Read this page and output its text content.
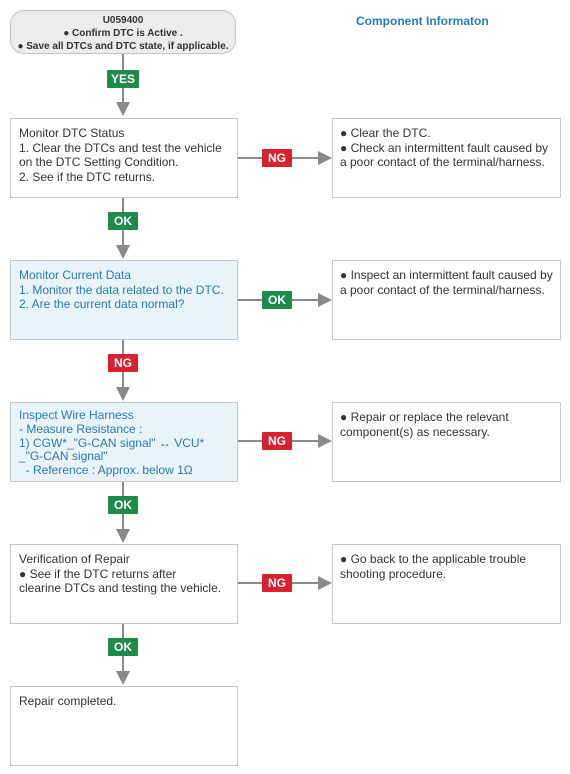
U059400
● Confirm DTC is Active .
● Save all DTCs and DTC state, if applicable.
Component Informaton
YES
Monitor DTC Status
1. Clear the DTCs and test the vehicle
on the DTC Setting Condition.
2. See if the DTC returns.
NG
● Clear the DTC.
● Check an intermittent fault caused by
a poor contact of the terminal/harness.
OK
Monitor Current Data
1. Monitor the data related to the DTC.
2. Are the current data normal?	OK
● Inspect an intermittent fault caused by
a poor contact of the terminal/harness.
NG
Inspect Wire Harness
- Measure Resistance :
1) CGW*_"G-CAN signal" ↔ VCU*
_"G-CAN signal"
- Reference : Approx. below 1Ω
NG
● Repair or replace the relevant
component(s) as necessary.
OK
Verification of Repair
● See if the DTC returns after
clearine DTCs and testing the vehicle.	NG
● Go back to the applicable trouble
shooting procedure.
OK
Repair completed.
